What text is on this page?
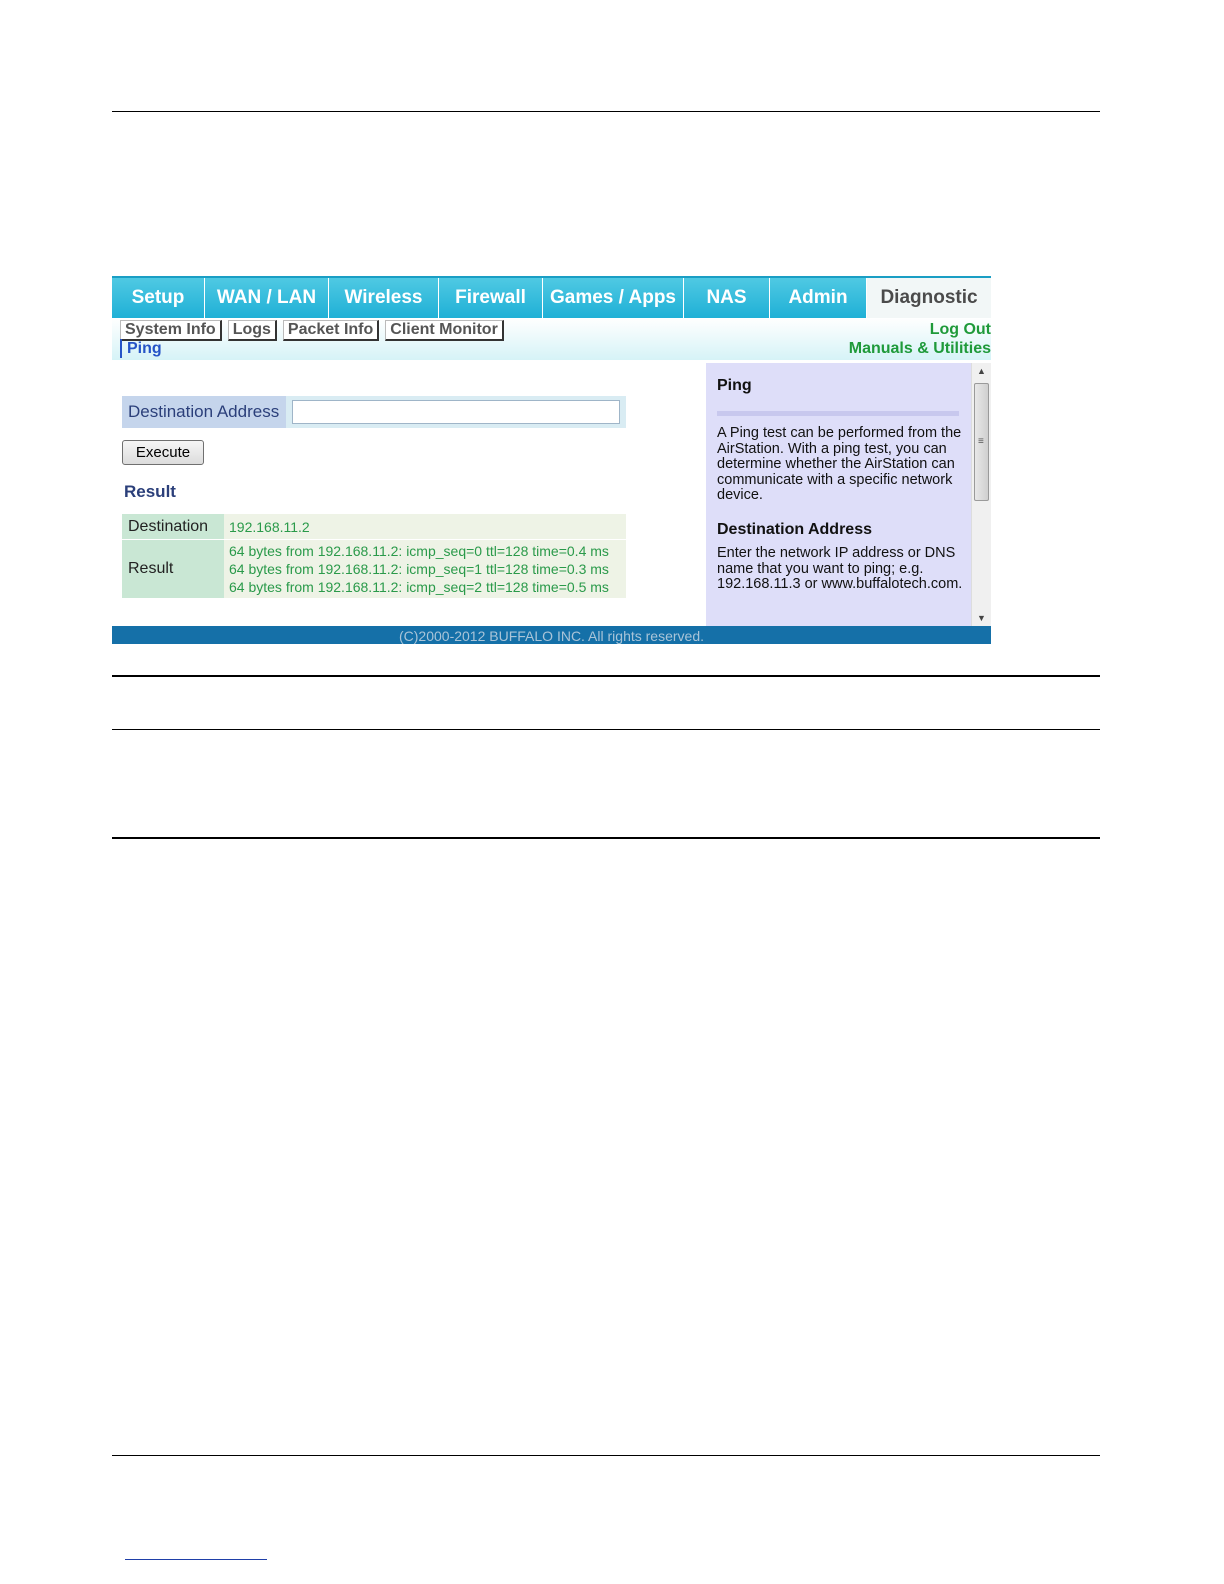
Setup	WAN / LAN	Wireless	Firewall	Games / Apps	NAS	Admin	Diagnostic
System Info	Logs	Packet Info	Client Monitor
Ping
Log Out
Manuals & Utilities
Destination Address
Execute
Result
Destination	192.168.11.2

Result	64 bytes from 192.168.11.2: icmp_seq=0 ttl=128 time=0.4 ms
64 bytes from 192.168.11.2: icmp_seq=1 ttl=128 time=0.3 ms
64 bytes from 192.168.11.2: icmp_seq=2 ttl=128 time=0.5 ms
Ping
A Ping test can be performed from the AirStation. With a ping test, you can determine whether the AirStation can communicate with a specific network device.
Destination Address
Enter the network IP address or DNS name that you want to ping; e.g. 192.168.11.3 or www.buffalotech.com.
▲
≡
▼
(C)2000-2012 BUFFALO INC. All rights reserved.
